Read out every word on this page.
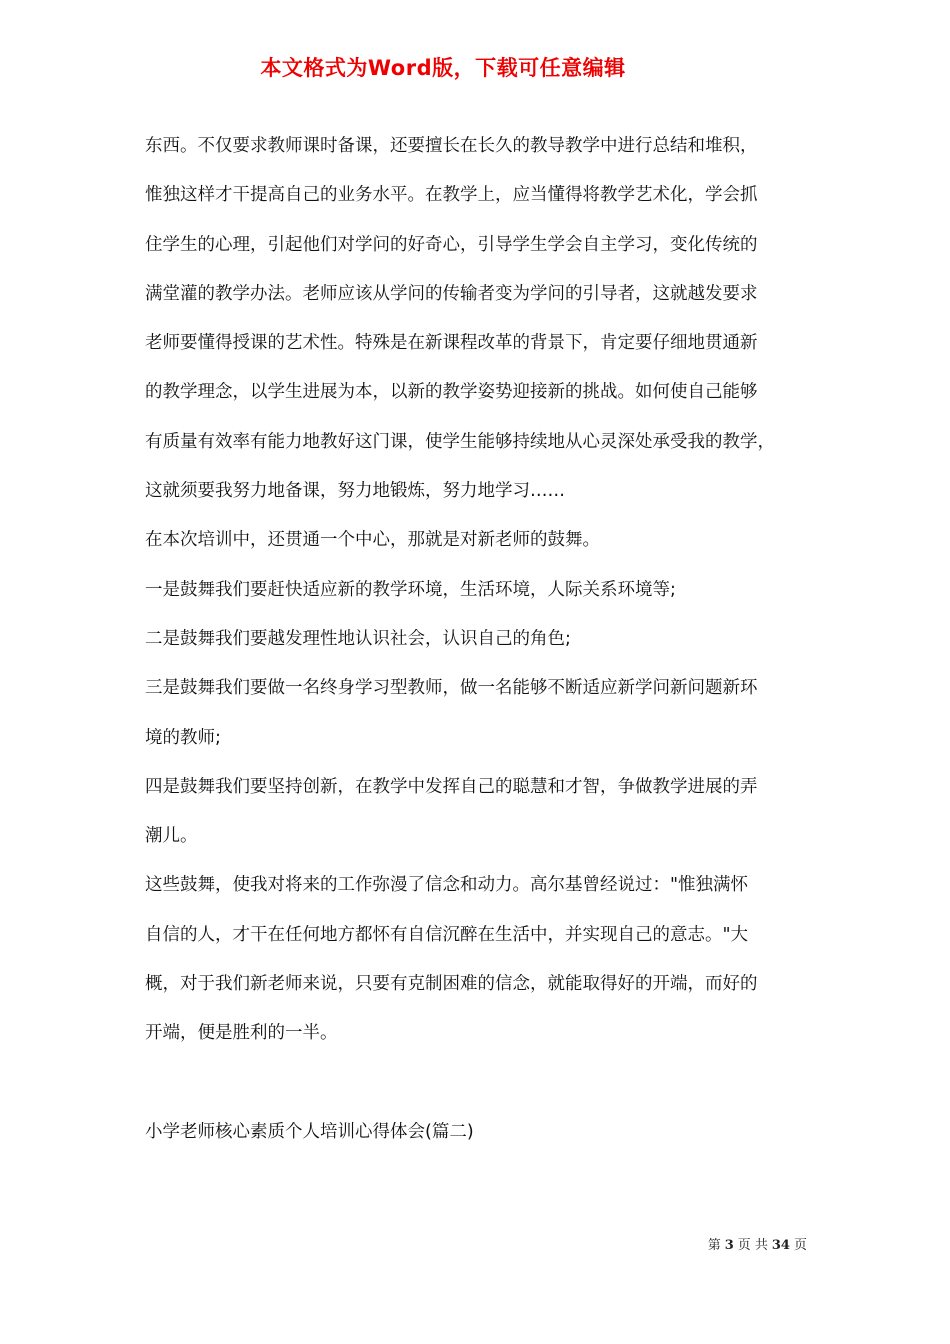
本文格式为Word版，下载可任意编辑
东西。不仅要求教师课时备课，还要擅长在长久的教导教学中进行总结和堆积，
惟独这样才干提高自己的业务水平。在教学上，应当懂得将教学艺术化，学会抓
住学生的心理，引起他们对学问的好奇心，引导学生学会自主学习，变化传统的
满堂灌的教学办法。老师应该从学问的传输者变为学问的引导者，这就越发要求
老师要懂得授课的艺术性。特殊是在新课程改革的背景下，肯定要仔细地贯通新
的教学理念，以学生进展为本，以新的教学姿势迎接新的挑战。如何使自己能够
有质量有效率有能力地教好这门课，使学生能够持续地从心灵深处承受我的教学，
这就须要我努力地备课，努力地锻炼，努力地学习……
在本次培训中，还贯通一个中心，那就是对新老师的鼓舞。
一是鼓舞我们要赶快适应新的教学环境，生活环境，人际关系环境等;
二是鼓舞我们要越发理性地认识社会，认识自己的角色;
三是鼓舞我们要做一名终身学习型教师，做一名能够不断适应新学问新问题新环
境的教师;
四是鼓舞我们要坚持创新，在教学中发挥自己的聪慧和才智，争做教学进展的弄
潮儿。
这些鼓舞，使我对将来的工作弥漫了信念和动力。高尔基曾经说过："惟独满怀
自信的人，才干在任何地方都怀有自信沉醉在生活中，并实现自己的意志。"大
概，对于我们新老师来说，只要有克制困难的信念，就能取得好的开端，而好的
开端，便是胜利的一半。
小学老师核心素质个人培训心得体会(篇二)
第 3 页 共 34 页
